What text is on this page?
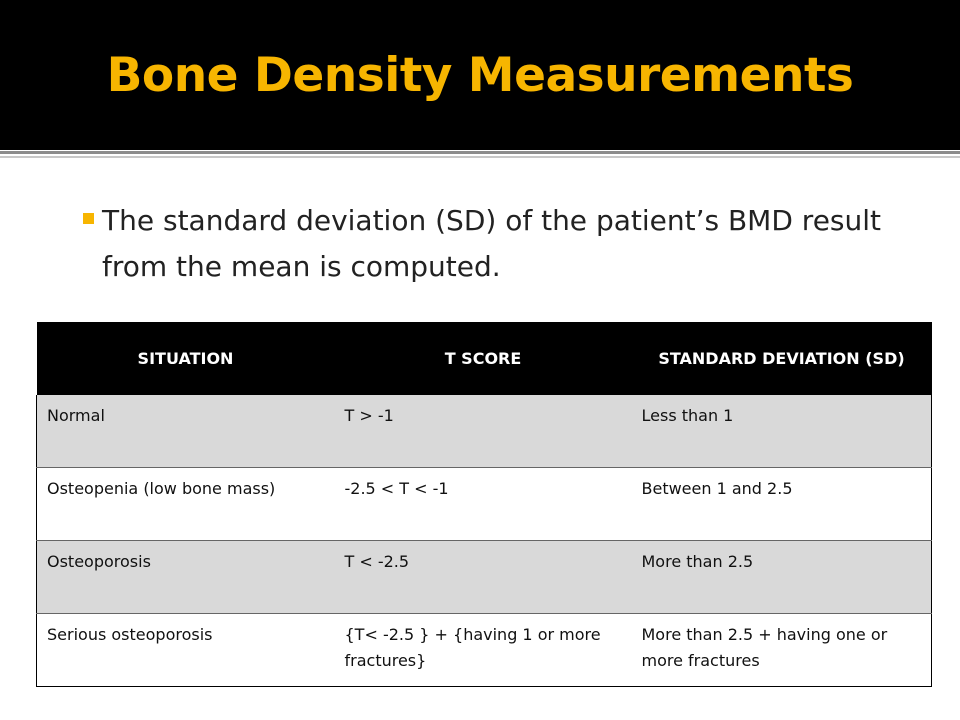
Bone Density Measurements
The standard deviation (SD) of the patient’s BMD result from the mean is computed.
SITUATION	T SCORE	STANDARD DEVIATION (SD)
Normal	T > -1	Less than 1
Osteopenia (low bone mass)	-2.5 < T < -1	Between 1 and 2.5
Osteoporosis	T < -2.5	More than 2.5
Serious osteoporosis	{T< -2.5 } + {having 1 or more fractures}	More than 2.5 + having one or more fractures
